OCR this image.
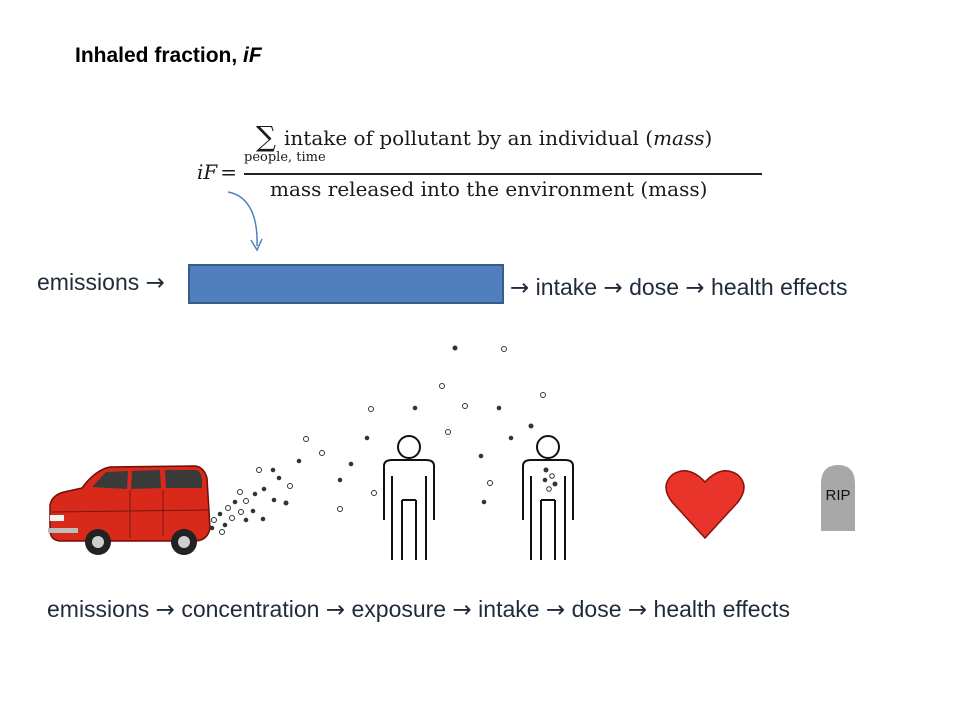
Inhaled fraction, iF
iF =
∑ intake of pollutant by an individual (mass)
people, time
mass released into the environment (mass)
emissions →	→ intake → dose → health effects
RIP
emissions → concentration → exposure → intake → dose → health effects
